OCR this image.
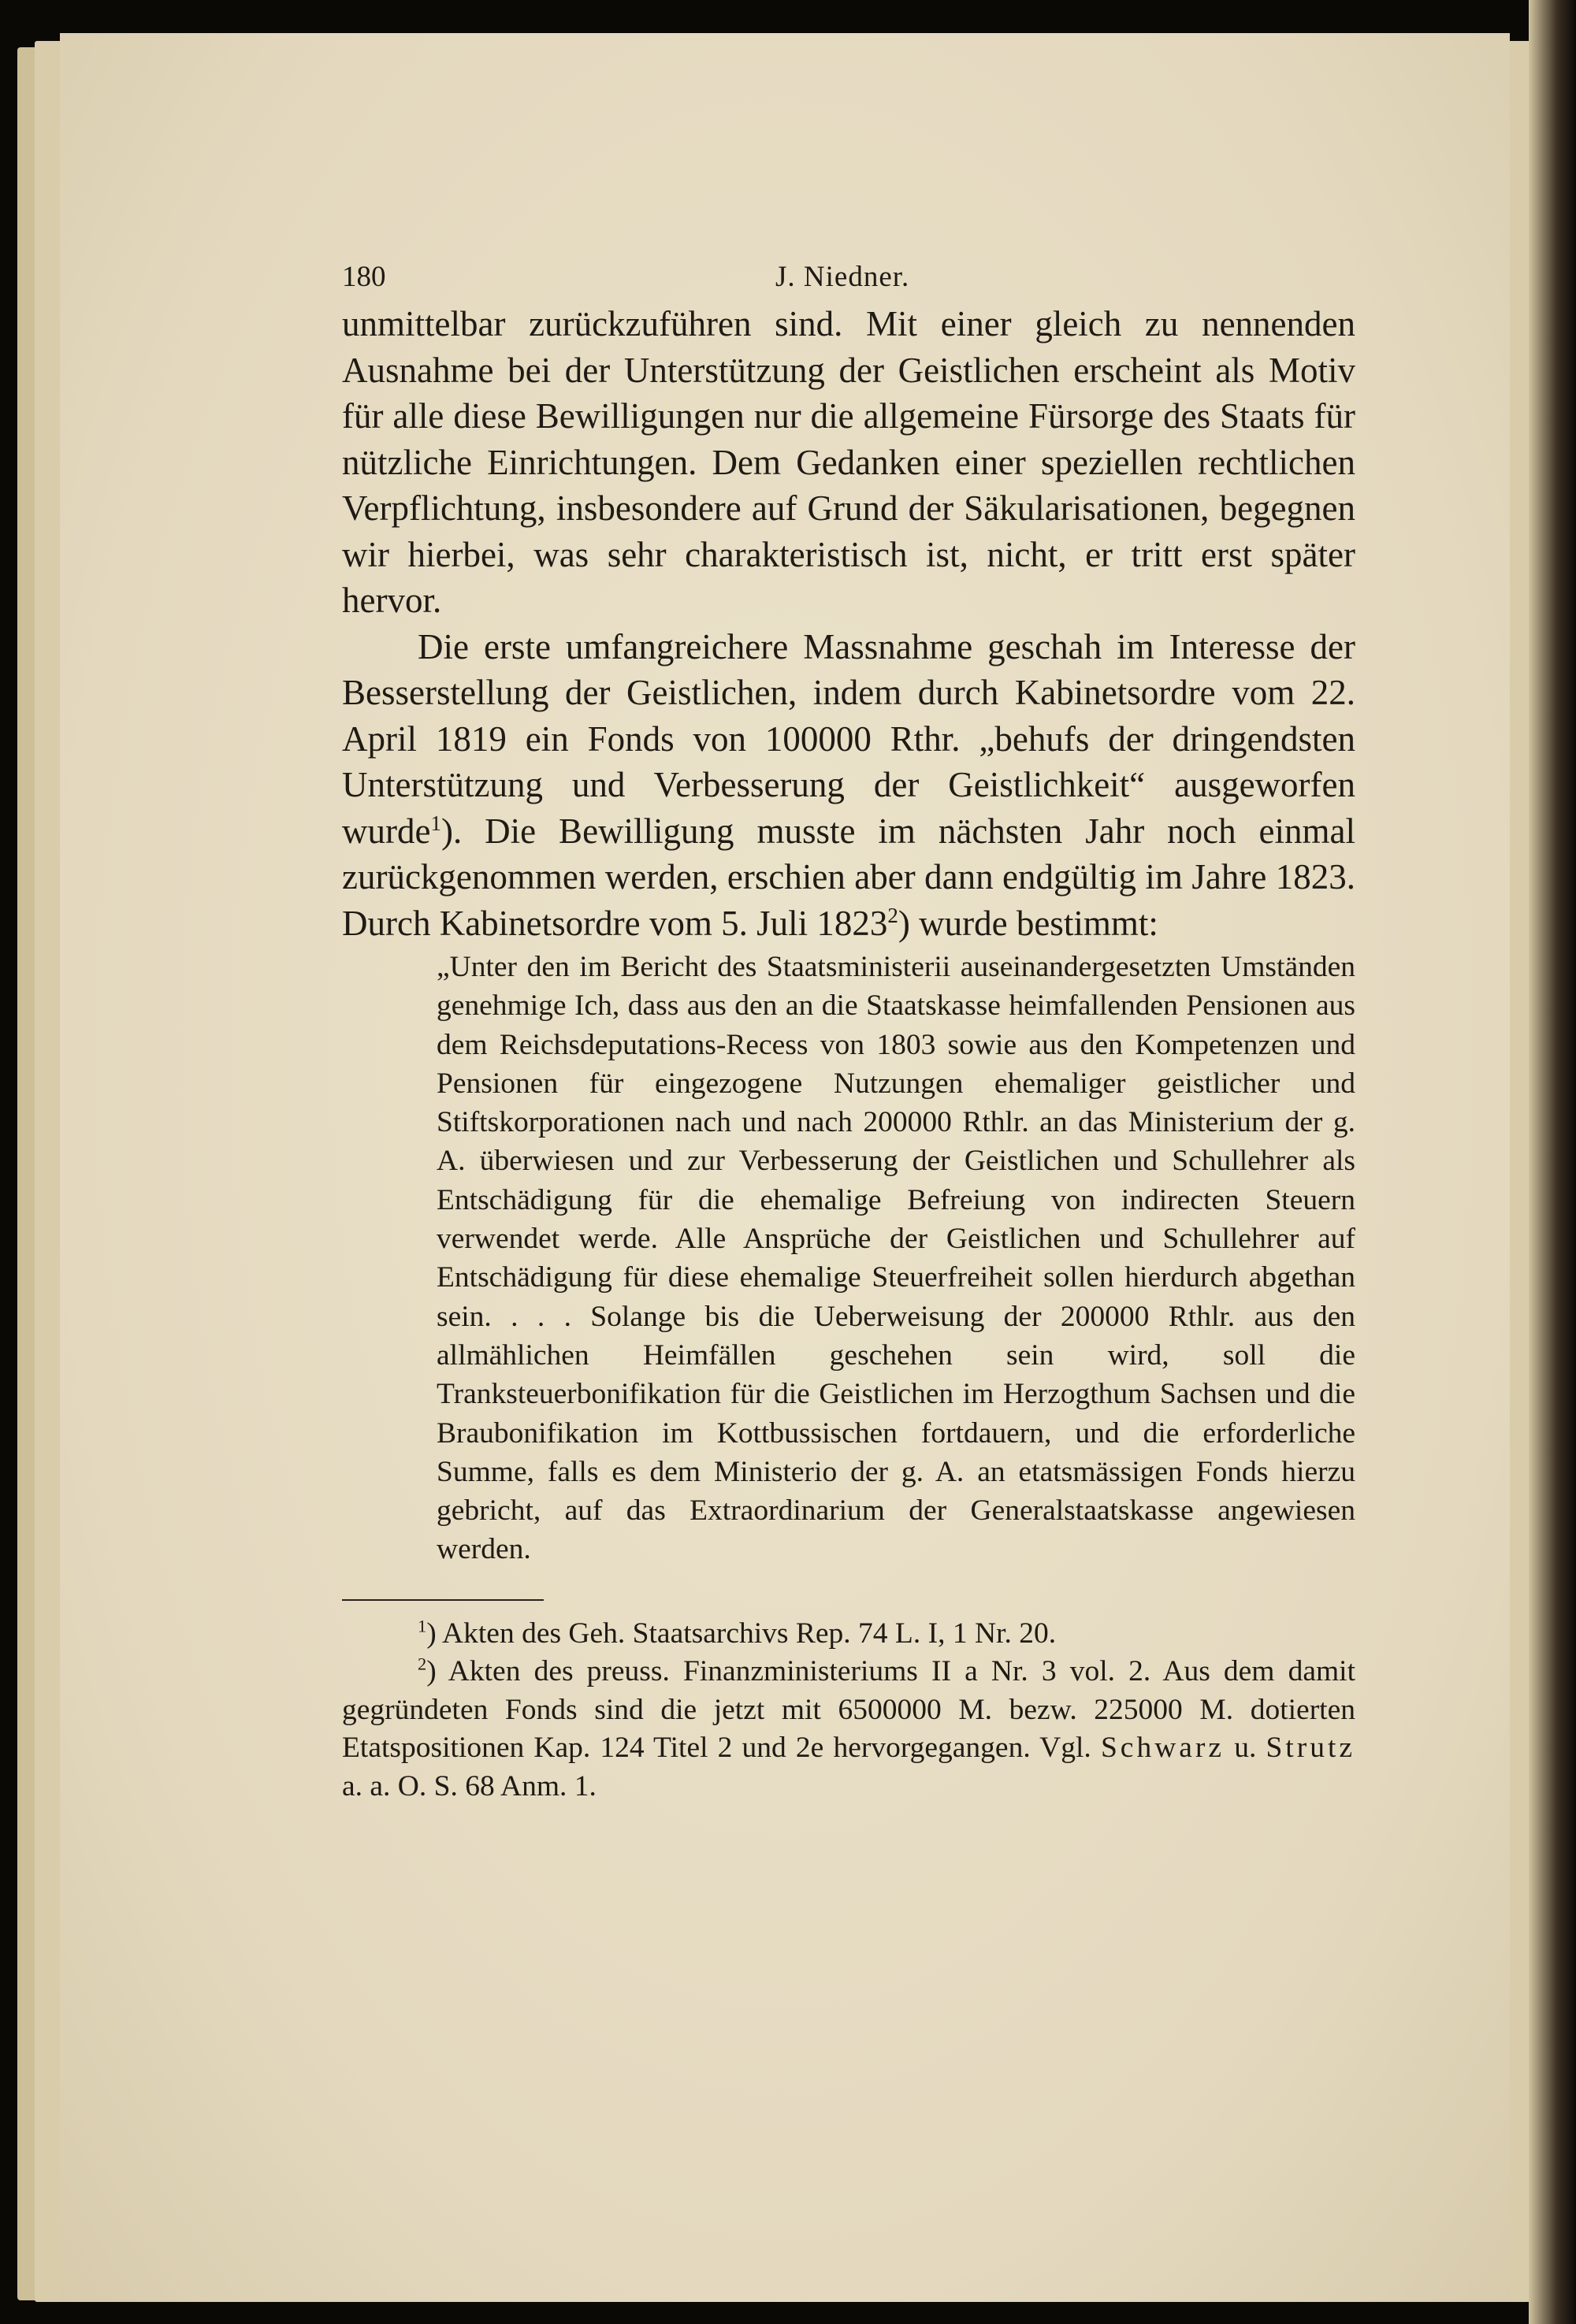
180	J. Niedner.

unmittelbar zurückzuführen sind. Mit einer gleich zu nennenden Ausnahme bei der Unterstützung der Geistlichen erscheint als Motiv für alle diese Bewilligungen nur die allgemeine Fürsorge des Staats für nützliche Einrichtungen. Dem Gedanken einer speziellen rechtlichen Verpflichtung, insbesondere auf Grund der Säkularisationen, begegnen wir hierbei, was sehr charakteristisch ist, nicht, er tritt erst später hervor.

Die erste umfangreichere Massnahme geschah im Interesse der Besserstellung der Geistlichen, indem durch Kabinetsordre vom 22. April 1819 ein Fonds von 100000 Rthr. „behufs der dringendsten Unterstützung und Verbesserung der Geistlichkeit“ ausgeworfen wurde$^1$). Die Bewilligung musste im nächsten Jahr noch einmal zurückgenommen werden, erschien aber dann endgültig im Jahre 1823. Durch Kabinetsordre vom 5. Juli 1823$^2$) wurde bestimmt:

„Unter den im Bericht des Staatsministerii auseinandergesetzten Umständen genehmige Ich, dass aus den an die Staatskasse heimfallenden Pensionen aus dem Reichsdeputations-Recess von 1803 sowie aus den Kompetenzen und Pensionen für eingezogene Nutzungen ehemaliger geistlicher und Stiftskorporationen nach und nach 200000 Rthlr. an das Ministerium der g. A. überwiesen und zur Verbesserung der Geistlichen und Schullehrer als Entschädigung für die ehemalige Befreiung von indirecten Steuern verwendet werde. Alle Ansprüche der Geistlichen und Schullehrer auf Entschädigung für diese ehemalige Steuerfreiheit sollen hierdurch abgethan sein. . . . Solange bis die Ueberweisung der 200000 Rthlr. aus den allmählichen Heimfällen geschehen sein wird, soll die Tranksteuerbonifikation für die Geistlichen im Herzogthum Sachsen und die Braubonifikation im Kottbussischen fortdauern, und die erforderliche Summe, falls es dem Ministerio der g. A. an etatsmässigen Fonds hierzu gebricht, auf das Extraordinarium der Generalstaatskasse angewiesen werden.

$^1$) Akten des Geh. Staatsarchivs Rep. 74 L. I, 1 Nr. 20.

$^2$) Akten des preuss. Finanzministeriums II a Nr. 3 vol. 2. Aus dem damit gegründeten Fonds sind die jetzt mit 6500000 M. bezw. 225000 M. dotierten Etatspositionen Kap. 124 Titel 2 und 2e hervorgegangen. Vgl. Schwarz u. Strutz a. a. O. S. 68 Anm. 1.
